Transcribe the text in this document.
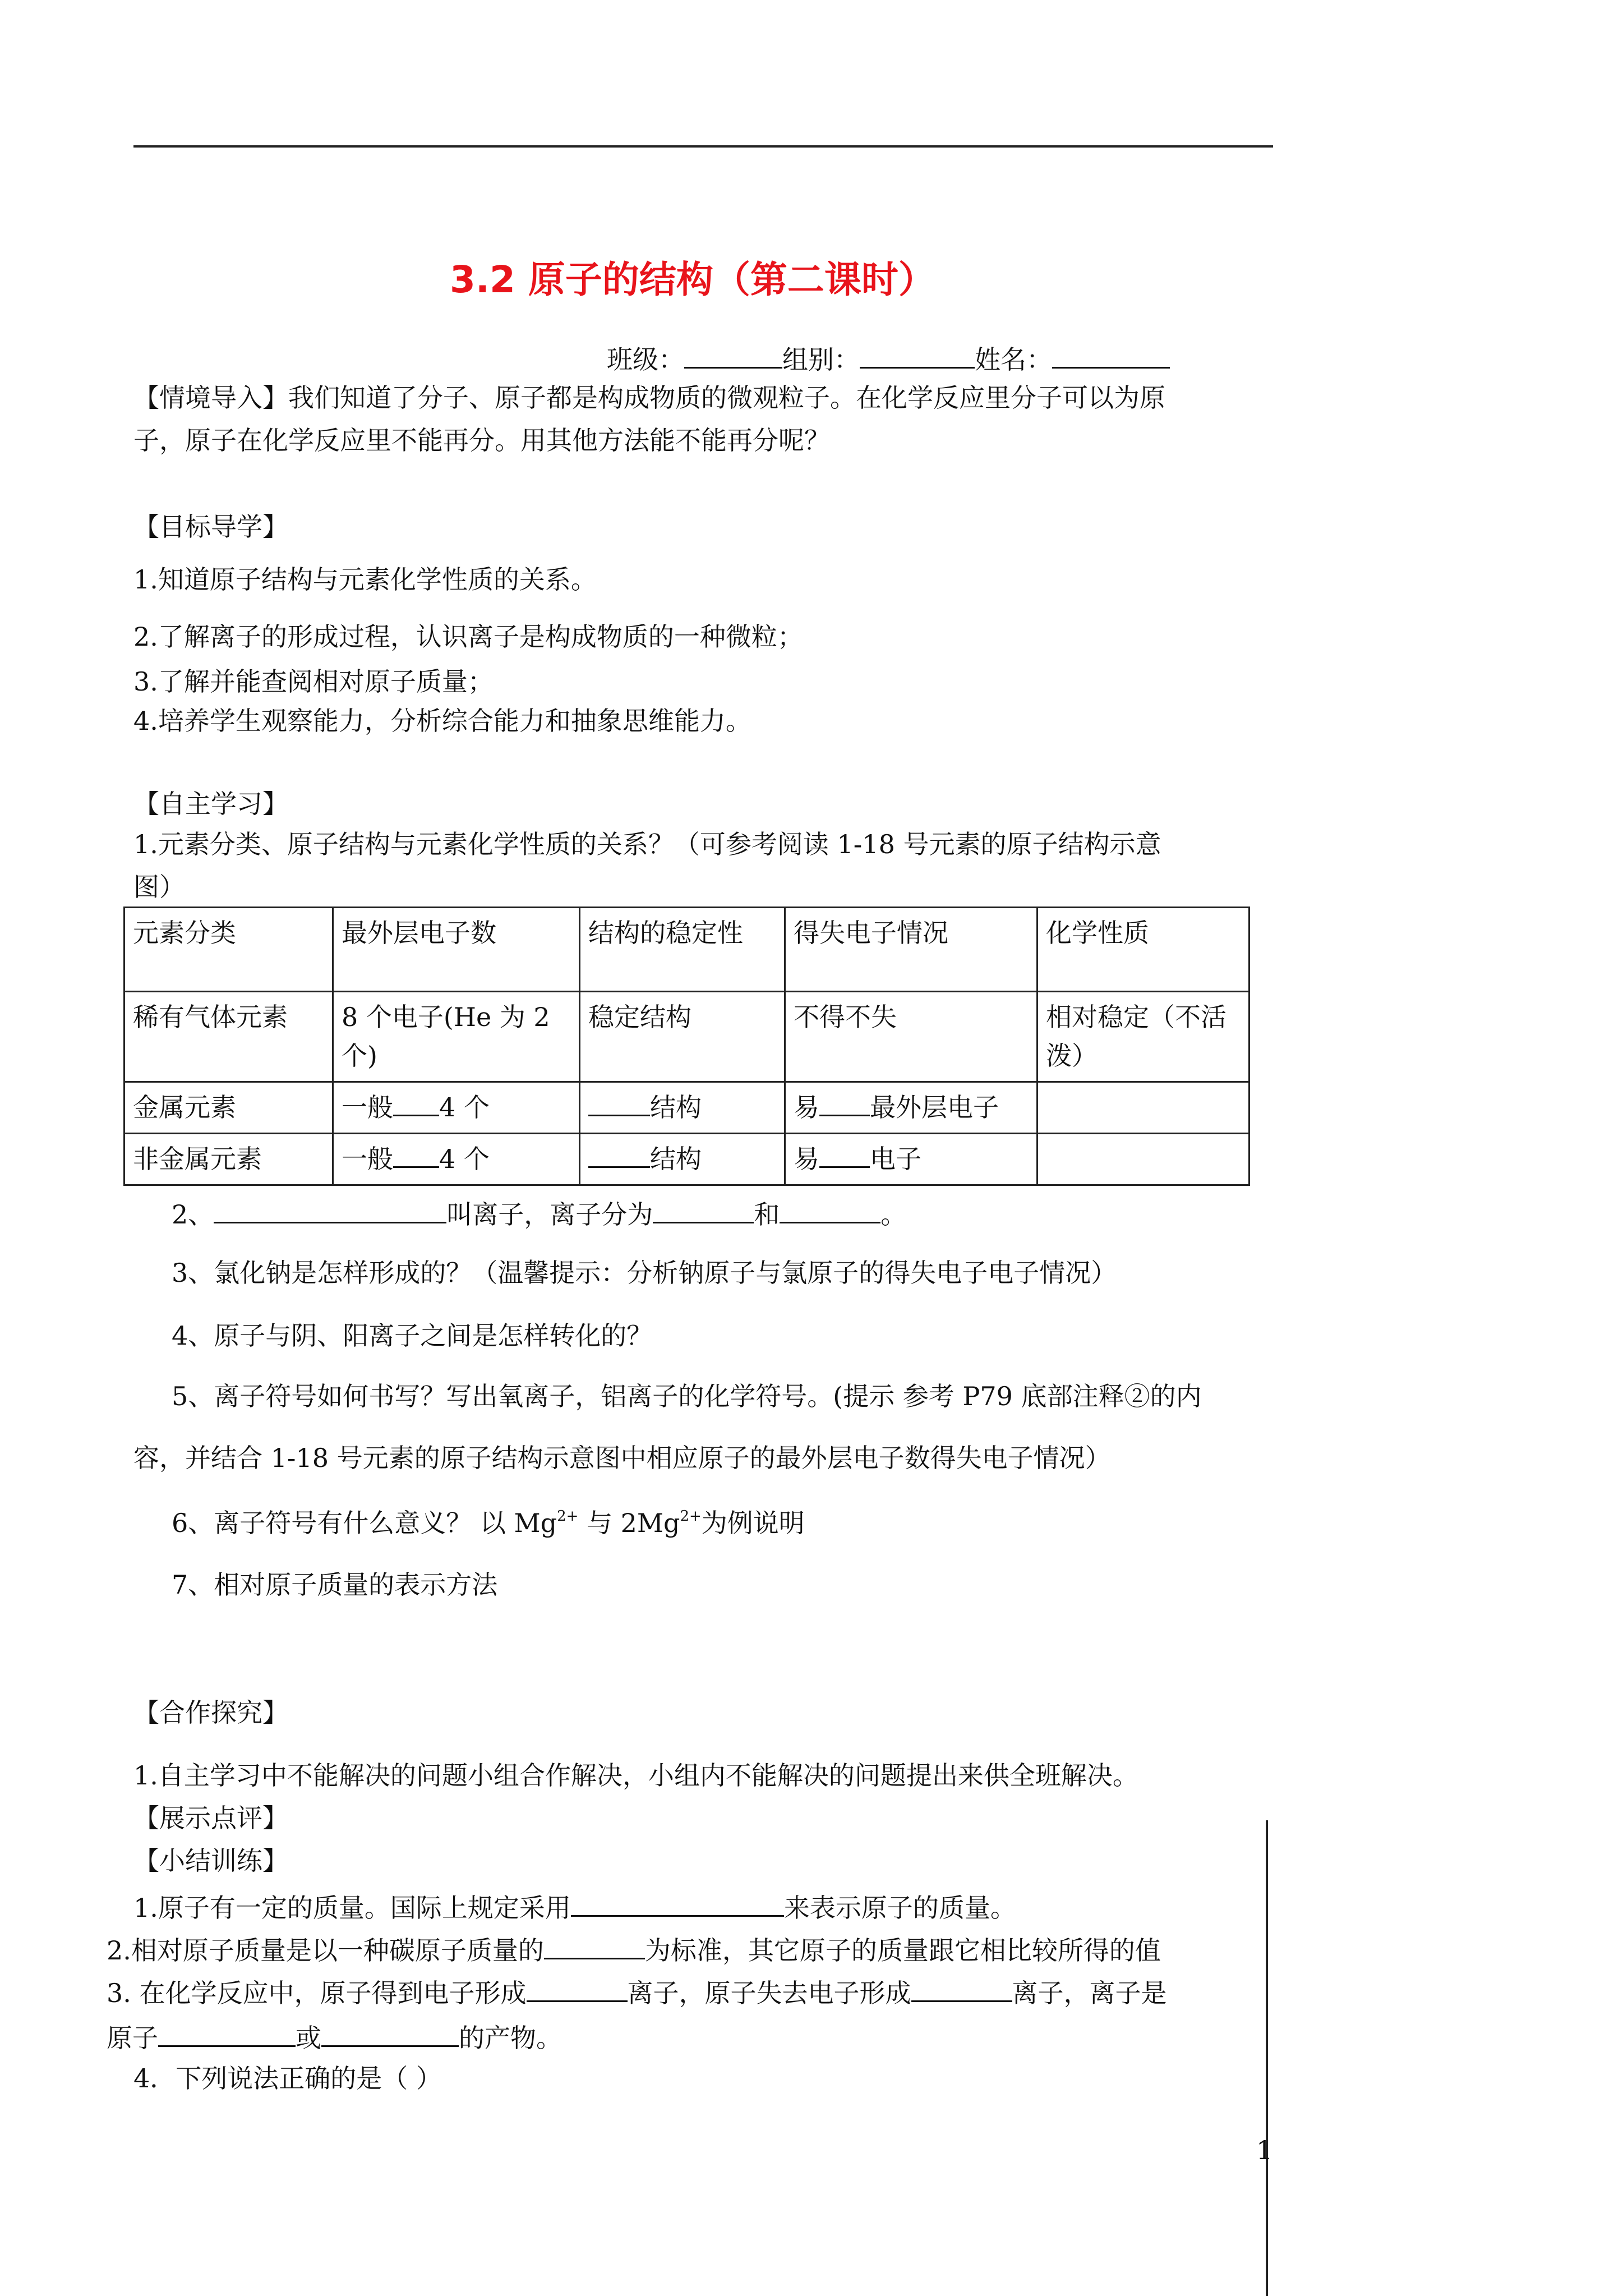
3.2 原子的结构（第二课时）
班级：	组别：	姓名：
【情境导入】我们知道了分子、原子都是构成物质的微观粒子。在化学反应里分子可以为原
子，原子在化学反应里不能再分。用其他方法能不能再分呢？
【目标导学】
1.知道原子结构与元素化学性质的关系。
2.了解离子的形成过程，认识离子是构成物质的一种微粒；
3.了解并能查阅相对原子质量；
4.培养学生观察能力，分析综合能力和抽象思维能力。
【自主学习】
1.元素分类、原子结构与元素化学性质的关系？（可参考阅读 1-18 号元素的原子结构示意
图）
元素分类	最外层电子数	结构的稳定性	得失电子情况	化学性质
稀有气体元素	8 个电子(He 为 2 个)	稳定结构	不得不失	相对稳定（不活泼）
金属元素	一般 4 个	结构	易 最外层电子	
非金属元素	一般 4 个	结构	易 电子	
2、	叫离子，离子分为	和	。
3、氯化钠是怎样形成的？（温馨提示：分析钠原子与氯原子的得失电子电子情况）
4、原子与阴、阳离子之间是怎样转化的？
5、离子符号如何书写？写出氧离子，铝离子的化学符号。(提示 参考 P79 底部注释②的内
容，并结合 1-18 号元素的原子结构示意图中相应原子的最外层电子数得失电子情况）
6、离子符号有什么意义？ 以 $Mg^{2+}$ 与 $2Mg^{2+}$为例说明
7、相对原子质量的表示方法
【合作探究】
1.自主学习中不能解决的问题小组合作解决，小组内不能解决的问题提出来供全班解决。
【展示点评】
【小结训练】
1.原子有一定的质量。国际上规定采用	来表示原子的质量。
2.相对原子质量是以一种碳原子质量的	为标准，其它原子的质量跟它相比较所得的值
3. 在化学反应中，原子得到电子形成	离子，原子失去电子形成	离子，离子是
原子	或	的产物。
4．下列说法正确的是（ ）
1
